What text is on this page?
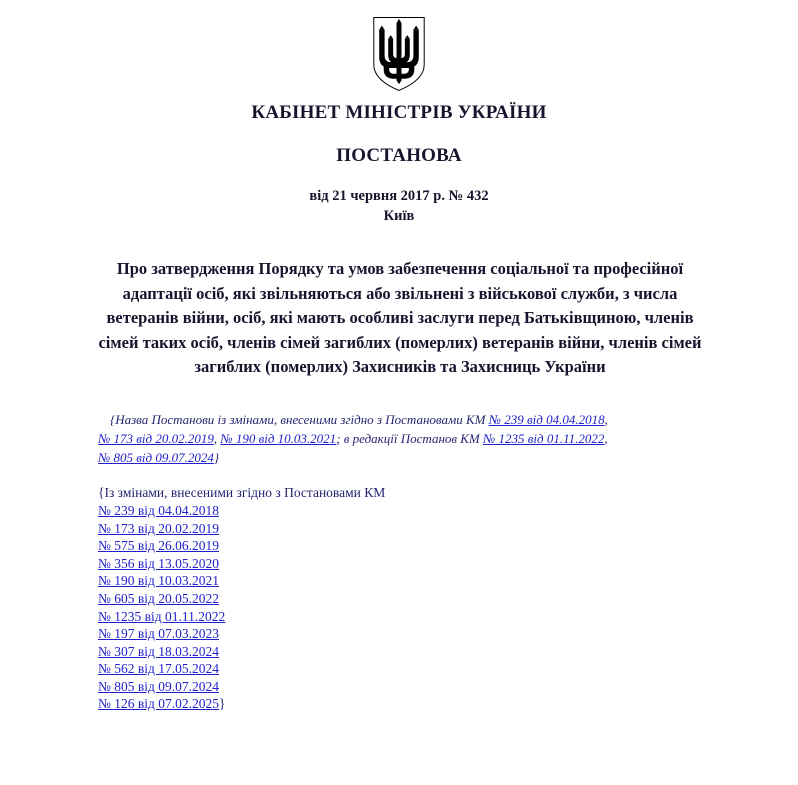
КАБІНЕТ МІНІСТРІВ УКРАЇНИ
ПОСТАНОВА
від 21 червня 2017 р. № 432
Київ
Про затвердження Порядку та умов забезпечення соціальної та професійної адаптації осіб, які звільняються або звільнені з військової служби, з числа ветеранів війни, осіб, які мають особливі заслуги перед Батьківщиною, членів сімей таких осіб, членів сімей загиблих (померлих) ветеранів війни, членів сімей загиблих (померлих) Захисників та Захисниць України

{Назва Постанови із змінами, внесеними згідно з Постановами КМ № 239 від 04.04.2018, № 173 від 20.02.2019, № 190 від 10.03.2021; в редакції Постанов КМ № 1235 від 01.11.2022, № 805 від 09.07.2024}

{Із змінами, внесеними згідно з Постановами КМ
№ 239 від 04.04.2018
№ 173 від 20.02.2019
№ 575 від 26.06.2019
№ 356 від 13.05.2020
№ 190 від 10.03.2021
№ 605 від 20.05.2022
№ 1235 від 01.11.2022
№ 197 від 07.03.2023
№ 307 від 18.03.2024
№ 562 від 17.05.2024
№ 805 від 09.07.2024
№ 126 від 07.02.2025}
